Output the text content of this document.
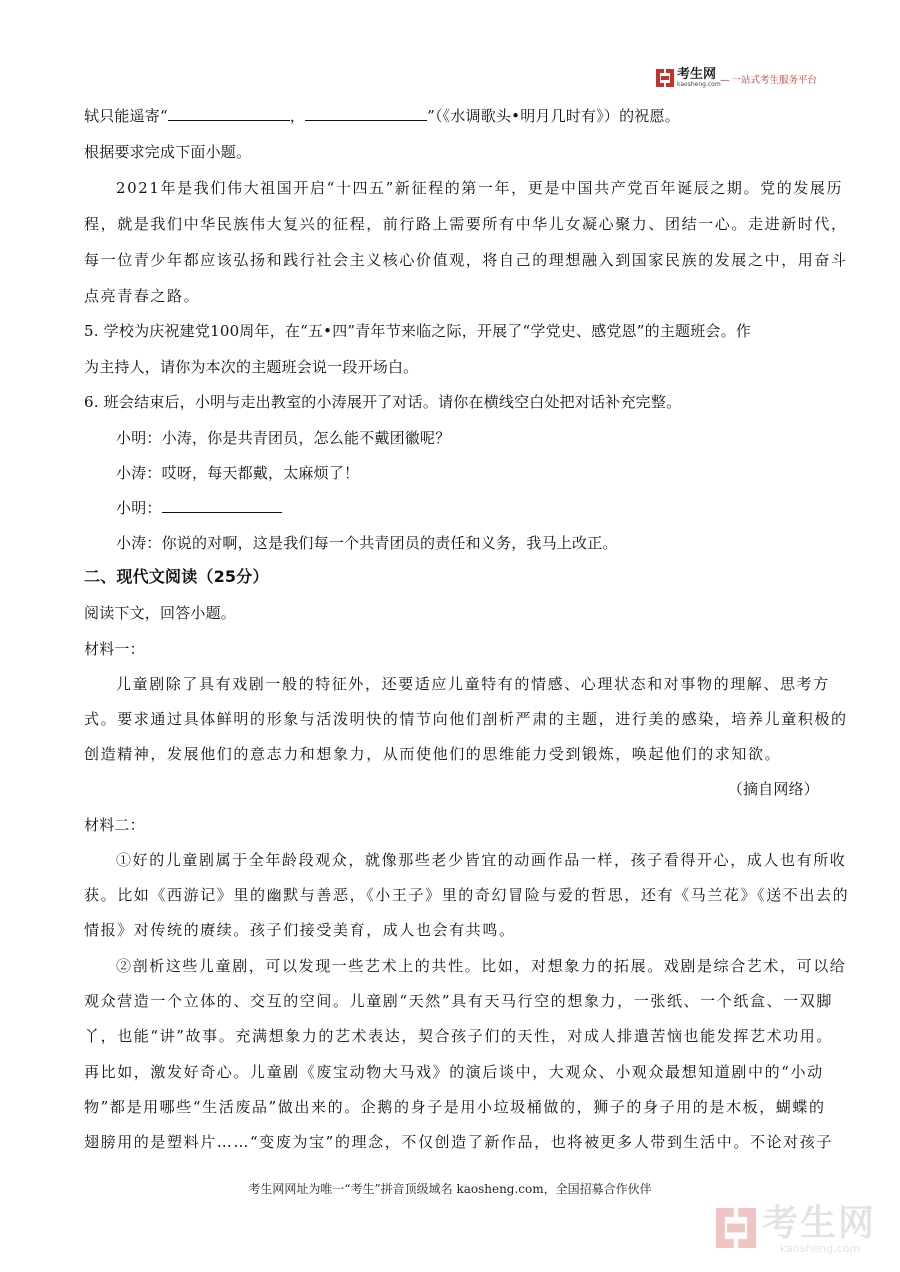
考生网
kaosheng.com	— 一站式考生服务平台
轼只能遥寄“	，	”（《水调歌头•明月几时有》）的祝愿。
根据要求完成下面小题。
2021年是我们伟大祖国开启“十四五”新征程的第一年，更是中国共产党百年诞辰之期。党的发展历
程，就是我们中华民族伟大复兴的征程，前行路上需要所有中华儿女凝心聚力、团结一心。走进新时代，
每一位青少年都应该弘扬和践行社会主义核心价值观，将自己的理想融入到国家民族的发展之中，用奋斗
点亮青春之路。
5. 学校为庆祝建党100周年，在“五•四”青年节来临之际，开展了“学党史、感党恩”的主题班会。作
为主持人，请你为本次的主题班会说一段开场白。
6. 班会结束后，小明与走出教室的小涛展开了对话。请你在横线空白处把对话补充完整。
小明：小涛，你是共青团员，怎么能不戴团徽呢？
小涛：哎呀，每天都戴，太麻烦了！
小明：
小涛：你说的对啊，这是我们每一个共青团员的责任和义务，我马上改正。
二、现代文阅读（25分）
阅读下文，回答小题。
材料一：
儿童剧除了具有戏剧一般的特征外，还要适应儿童特有的情感、心理状态和对事物的理解、思考方
式。要求通过具体鲜明的形象与活泼明快的情节向他们剖析严肃的主题，进行美的感染，培养儿童积极的
创造精神，发展他们的意志力和想象力，从而使他们的思维能力受到锻炼，唤起他们的求知欲。
（摘自网络）
材料二：
①好的儿童剧属于全年龄段观众，就像那些老少皆宜的动画作品一样，孩子看得开心，成人也有所收
获。比如《西游记》里的幽默与善恶，《小王子》里的奇幻冒险与爱的哲思，还有《马兰花》《送不出去的
情报》对传统的赓续。孩子们接受美育，成人也会有共鸣。
②剖析这些儿童剧，可以发现一些艺术上的共性。比如，对想象力的拓展。戏剧是综合艺术，可以给
观众营造一个立体的、交互的空间。儿童剧“天然”具有天马行空的想象力，一张纸、一个纸盒、一双脚
丫，也能“讲”故事。充满想象力的艺术表达，契合孩子们的天性，对成人排遣苦恼也能发挥艺术功用。
再比如，激发好奇心。儿童剧《废宝动物大马戏》的演后谈中，大观众、小观众最想知道剧中的“小动
物”都是用哪些“生活废品”做出来的。企鹅的身子是用小垃圾桶做的，狮子的身子用的是木板，蝴蝶的
翅膀用的是塑料片……“变废为宝”的理念，不仅创造了新作品，也将被更多人带到生活中。不论对孩子
考生网网址为唯一“考生”拼音顶级域名 kaosheng.com，全国招募合作伙伴
考生网
kaosheng.com
